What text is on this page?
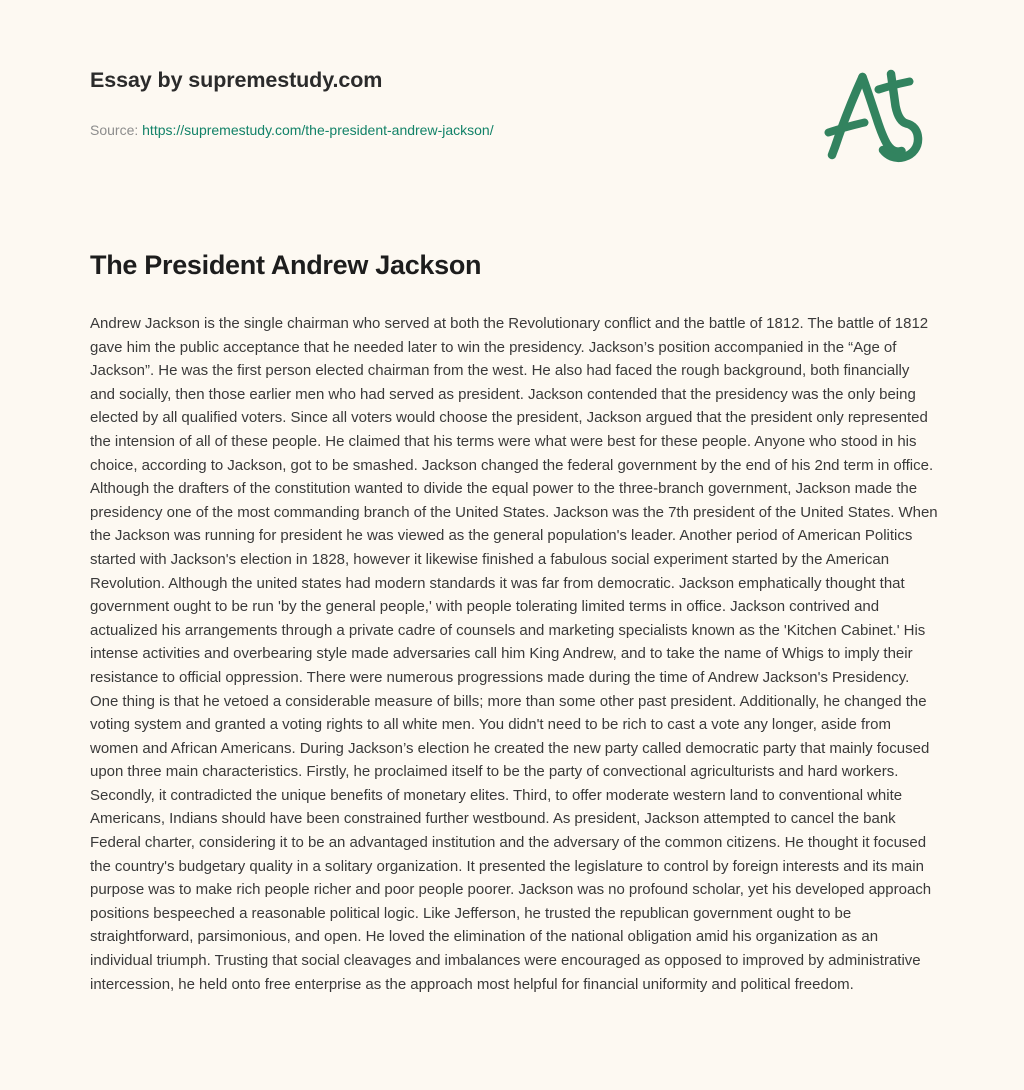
Essay by supremestudy.com
Source: https://supremestudy.com/the-president-andrew-jackson/
The President Andrew Jackson

Andrew Jackson is the single chairman who served at both the Revolutionary conflict and the battle of 1812. The battle of 1812 gave him the public acceptance that he needed later to win the presidency. Jackson’s position accompanied in the “Age of Jackson”. He was the first person elected chairman from the west. He also had faced the rough background, both financially and socially, then those earlier men who had served as president. Jackson contended that the presidency was the only being elected by all qualified voters. Since all voters would choose the president, Jackson argued that the president only represented the intension of all of these people. He claimed that his terms were what were best for these people. Anyone who stood in his choice, according to Jackson, got to be smashed. Jackson changed the federal government by the end of his 2nd term in office. Although the drafters of the constitution wanted to divide the equal power to the three-branch government, Jackson made the presidency one of the most commanding branch of the United States. Jackson was the 7th president of the United States. When the Jackson was running for president he was viewed as the general population's leader. Another period of American Politics started with Jackson's election in 1828, however it likewise finished a fabulous social experiment started by the American Revolution. Although the united states had modern standards it was far from democratic. Jackson emphatically thought that government ought to be run 'by the general people,' with people tolerating limited terms in office. Jackson contrived and actualized his arrangements through a private cadre of counsels and marketing specialists known as the 'Kitchen Cabinet.' His intense activities and overbearing style made adversaries call him King Andrew, and to take the name of Whigs to imply their resistance to official oppression. There were numerous progressions made during the time of Andrew Jackson's Presidency. One thing is that he vetoed a considerable measure of bills; more than some other past president. Additionally, he changed the voting system and granted a voting rights to all white men. You didn't need to be rich to cast a vote any longer, aside from women and African Americans. During Jackson’s election he created the new party called democratic party that mainly focused upon three main characteristics. Firstly, he proclaimed itself to be the party of convectional agriculturists and hard workers. Secondly, it contradicted the unique benefits of monetary elites. Third, to offer moderate western land to conventional white Americans, Indians should have been constrained further westbound. As president, Jackson attempted to cancel the bank Federal charter, considering it to be an advantaged institution and the adversary of the common citizens. He thought it focused the country's budgetary quality in a solitary organization. It presented the legislature to control by foreign interests and its main purpose was to make rich people richer and poor people poorer. Jackson was no profound scholar, yet his developed approach positions bespeeched a reasonable political logic. Like Jefferson, he trusted the republican government ought to be straightforward, parsimonious, and open. He loved the elimination of the national obligation amid his organization as an individual triumph. Trusting that social cleavages and imbalances were encouraged as opposed to improved by administrative intercession, he held onto free enterprise as the approach most helpful for financial uniformity and political freedom.
